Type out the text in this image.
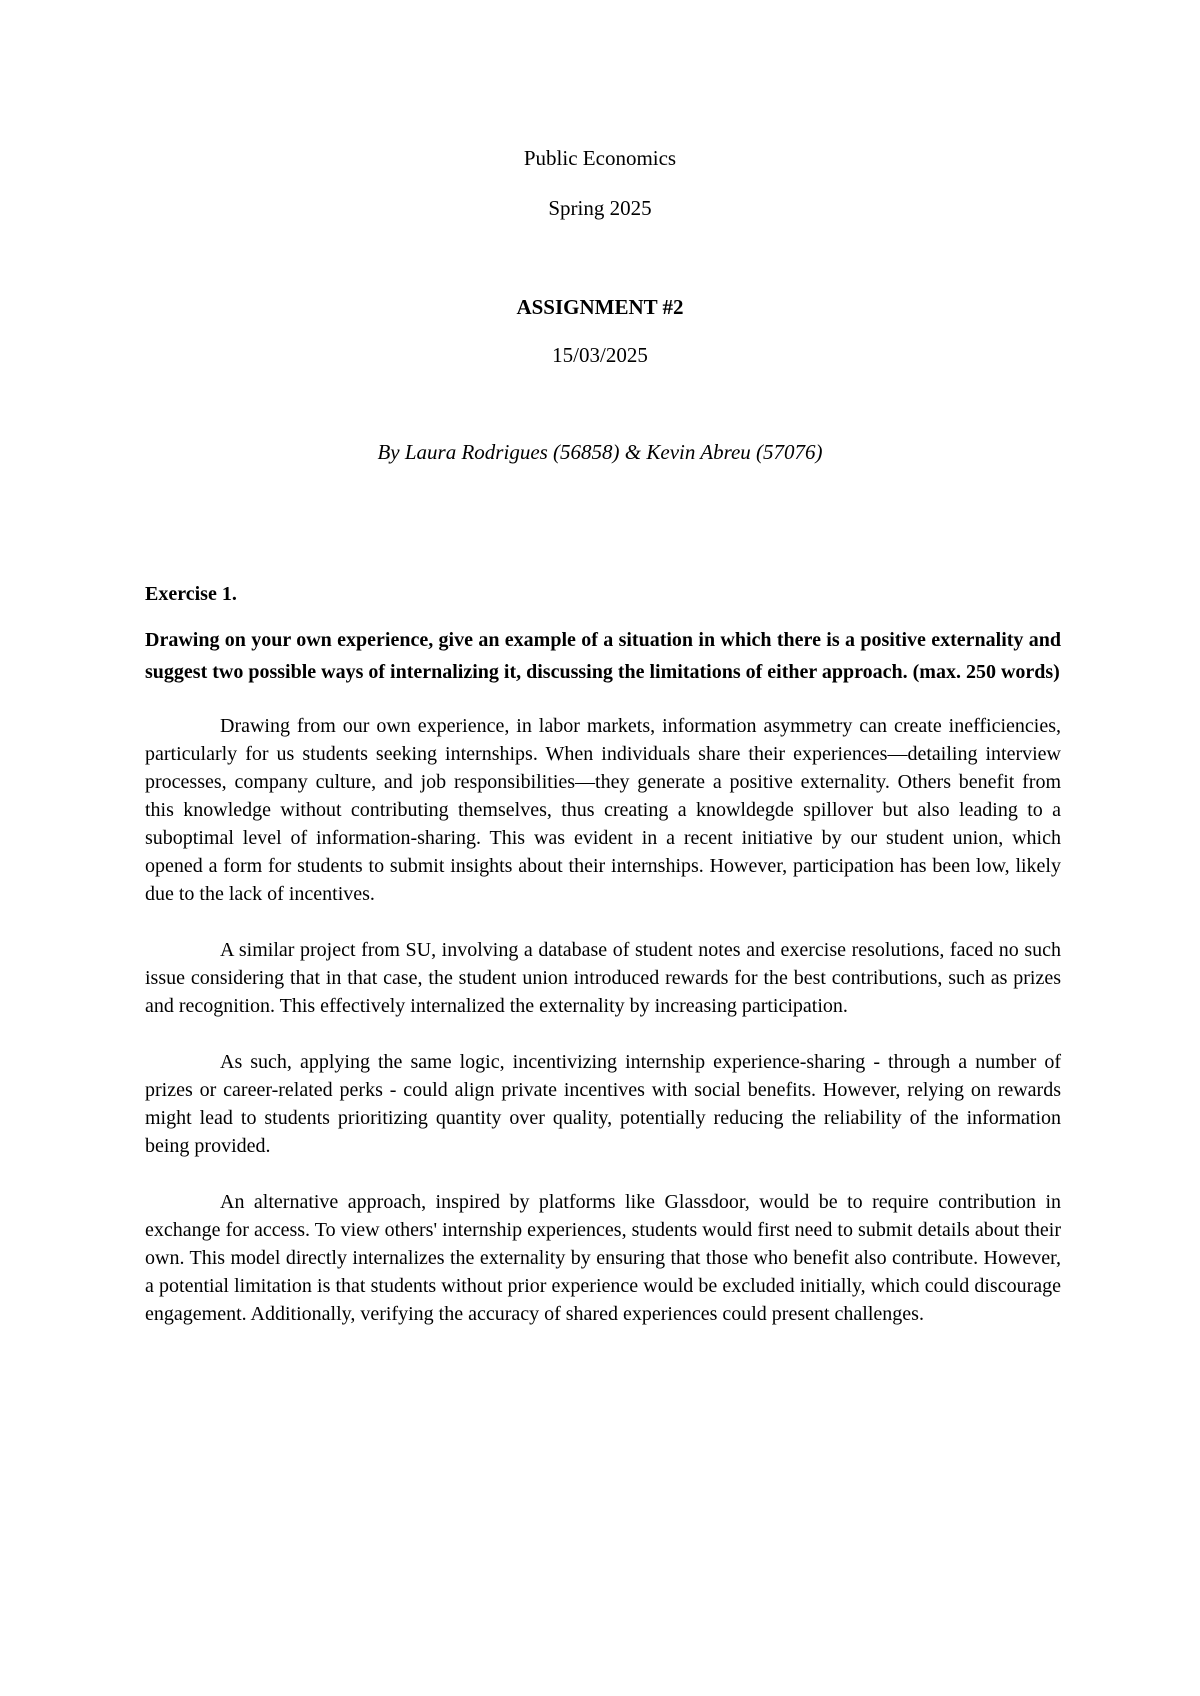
Public Economics

Spring 2025

ASSIGNMENT #2

15/03/2025

By Laura Rodrigues (56858) & Kevin Abreu (57076)

Exercise 1.

Drawing on your own experience, give an example of a situation in which there is a positive externality and suggest two possible ways of internalizing it, discussing the limitations of either approach. (max. 250 words)

Drawing from our own experience, in labor markets, information asymmetry can create inefficiencies, particularly for us students seeking internships. When individuals share their experiences—detailing interview processes, company culture, and job responsibilities—they generate a positive externality. Others benefit from this knowledge without contributing themselves, thus creating a knowldegde spillover but also leading to a suboptimal level of information-sharing. This was evident in a recent initiative by our student union, which opened a form for students to submit insights about their internships. However, participation has been low, likely due to the lack of incentives.

A similar project from SU, involving a database of student notes and exercise resolutions, faced no such issue considering that in that case, the student union introduced rewards for the best contributions, such as prizes and recognition. This effectively internalized the externality by increasing participation.

As such, applying the same logic, incentivizing internship experience-sharing - through a number of prizes or career-related perks - could align private incentives with social benefits. However, relying on rewards might lead to students prioritizing quantity over quality, potentially reducing the reliability of the information being provided.

An alternative approach, inspired by platforms like Glassdoor, would be to require contribution in exchange for access. To view others' internship experiences, students would first need to submit details about their own. This model directly internalizes the externality by ensuring that those who benefit also contribute. However, a potential limitation is that students without prior experience would be excluded initially, which could discourage engagement. Additionally, verifying the accuracy of shared experiences could present challenges.
